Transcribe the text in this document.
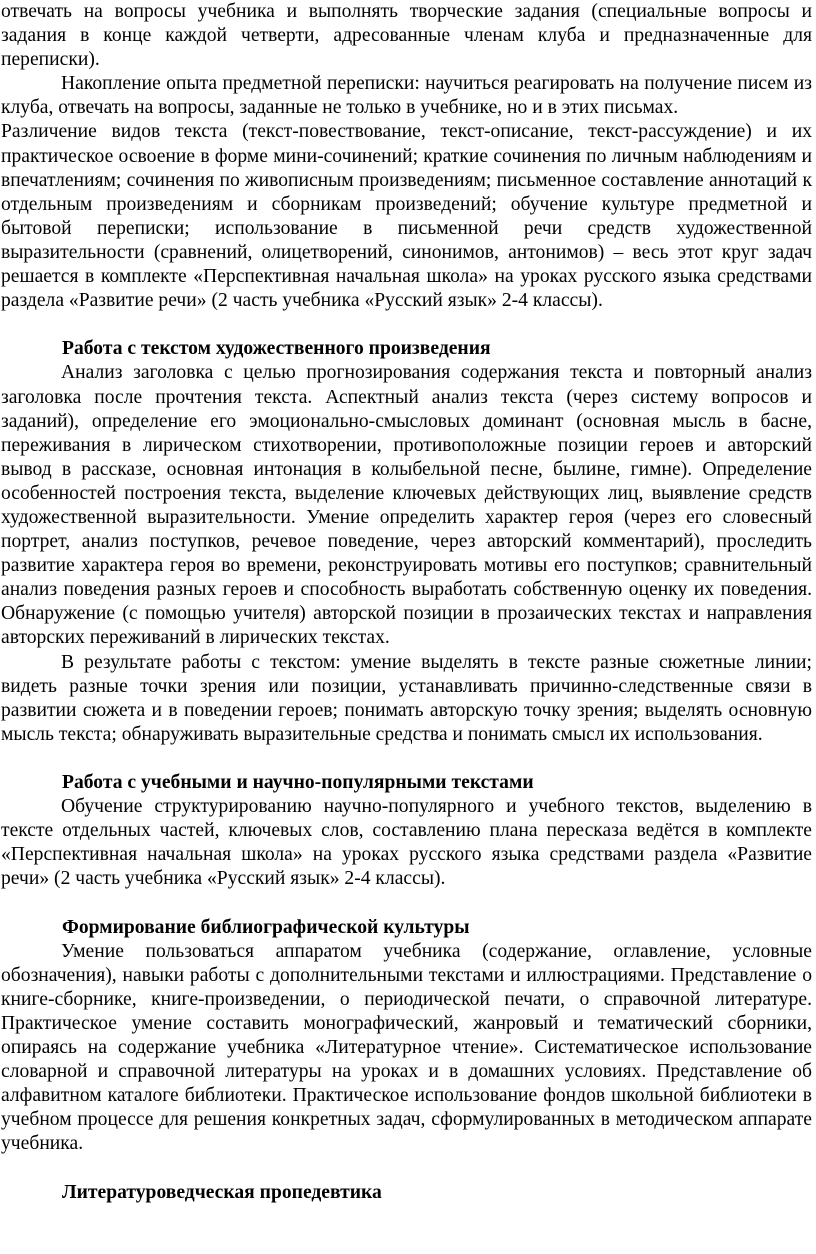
отвечать на вопросы учебника и выполнять творческие задания (специальные вопросы и задания в конце каждой четверти, адресованные членам клуба и предназначенные для переписки).

Накопление опыта предметной переписки: научиться реагировать на получение писем из клуба, отвечать на вопросы, заданные не только в учебнике, но и в этих письмах.

Различение видов текста (текст-повествование, текст-описание, текст-рассуждение) и их практическое освоение в форме мини-сочинений; краткие сочинения по личным наблюдениям и впечатлениям; сочинения по живописным произведениям; письменное составление аннотаций к отдельным произведениям и сборникам произведений; обучение культуре предметной и бытовой переписки; использование в письменной речи средств художественной выразительности (сравнений, олицетворений, синонимов, антонимов) – весь этот круг задач решается в комплекте «Перспективная начальная школа» на уроках русского языка средствами раздела «Развитие речи» (2 часть учебника «Русский язык» 2-4 классы).

Работа с текстом художественного произведения

Анализ заголовка с целью прогнозирования содержания текста и повторный анализ заголовка после прочтения текста. Аспектный анализ текста (через систему вопросов и заданий), определение его эмоционально-смысловых доминант (основная мысль в басне, переживания в лирическом стихотворении, противоположные позиции героев и авторский вывод в рассказе, основная интонация в колыбельной песне, былине, гимне). Определение особенностей построения текста, выделение ключевых действующих лиц, выявление средств художественной выразительности. Умение определить характер героя (через его словесный портрет, анализ поступков, речевое поведение, через авторский комментарий), проследить развитие характера героя во времени, реконструировать мотивы его поступков; сравнительный анализ поведения разных героев и способность выработать собственную оценку их поведения. Обнаружение (с помощью учителя) авторской позиции в прозаических текстах и направления авторских переживаний в лирических текстах.

В результате работы с текстом: умение выделять в тексте разные сюжетные линии; видеть разные точки зрения или позиции, устанавливать причинно-следственные связи в развитии сюжета и в поведении героев; понимать авторскую точку зрения; выделять основную мысль текста; обнаруживать выразительные средства и понимать смысл их использования.

Работа с учебными и научно-популярными текстами

Обучение структурированию научно-популярного и учебного текстов, выделению в тексте отдельных частей, ключевых слов, составлению плана пересказа ведётся в комплекте «Перспективная начальная школа» на уроках русского языка средствами раздела «Развитие речи» (2 часть учебника «Русский язык» 2-4 классы).

Формирование библиографической культуры

Умение пользоваться аппаратом учебника (содержание, оглавление, условные обозначения), навыки работы с дополнительными текстами и иллюстрациями. Представление о книге-сборнике, книге-произведении, о периодической печати, о справочной литературе. Практическое умение составить монографический, жанровый и тематический сборники, опираясь на содержание учебника «Литературное чтение». Систематическое использование словарной и справочной литературы на уроках и в домашних условиях. Представление об алфавитном каталоге библиотеки. Практическое использование фондов школьной библиотеки в учебном процессе для решения конкретных задач, сформулированных в методическом аппарате учебника.

Литературоведческая пропедевтика
